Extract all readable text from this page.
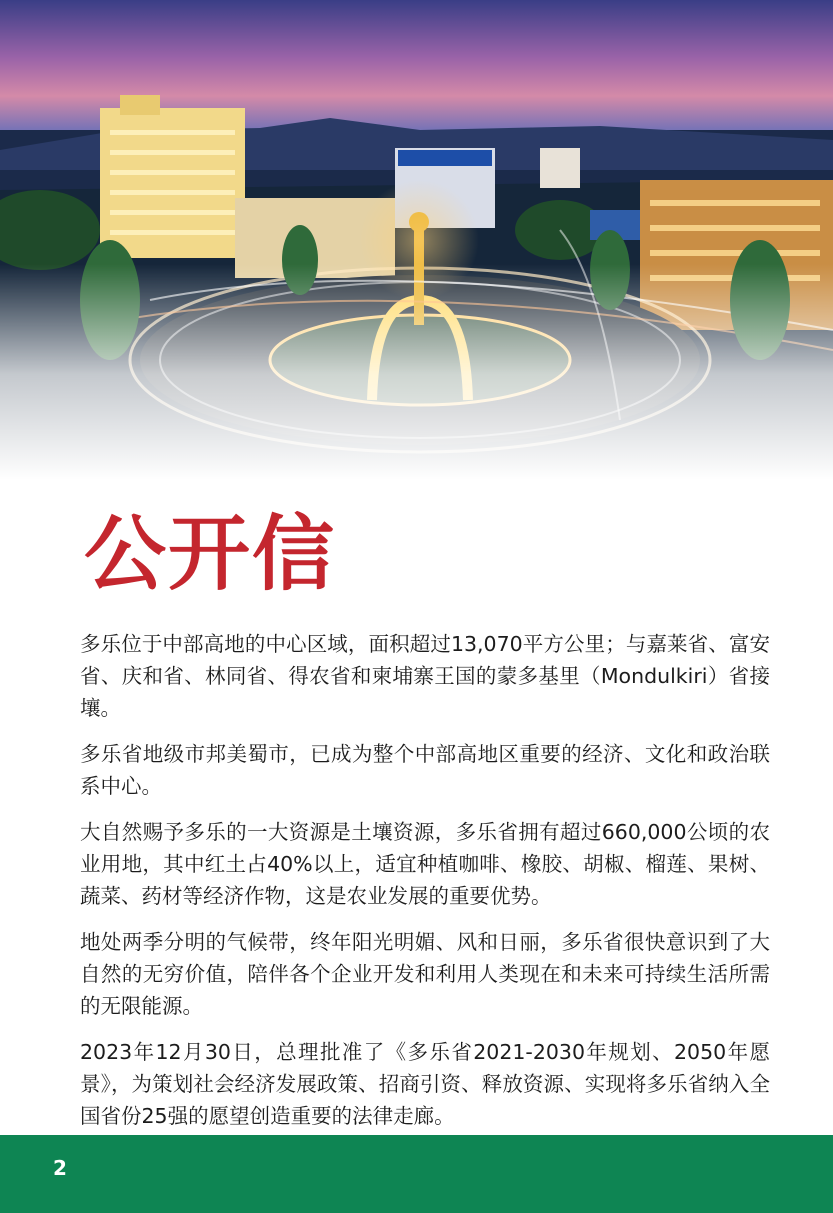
公开信

多乐位于中部高地的中心区域，面积超过13,070平方公里；与嘉莱省、富安省、庆和省、林同省、得农省和柬埔寨王国的蒙多基里（Mondulkiri）省接壤。

多乐省地级市邦美蜀市，已成为整个中部高地区重要的经济、文化和政治联系中心。

大自然赐予多乐的一大资源是土壤资源，多乐省拥有超过660,000公顷的农业用地，其中红土占40%以上，适宜种植咖啡、橡胶、胡椒、榴莲、果树、蔬菜、药材等经济作物，这是农业发展的重要优势。

地处两季分明的气候带，终年阳光明媚、风和日丽，多乐省很快意识到了大自然的无穷价值，陪伴各个企业开发和利用人类现在和未来可持续生活所需的无限能源。

2023年12月30日，总理批准了《多乐省2021-2030年规划、2050年愿景》，为策划社会经济发展政策、招商引资、释放资源、实现将多乐省纳入全国省份25强的愿望创造重要的法律走廊。

2
